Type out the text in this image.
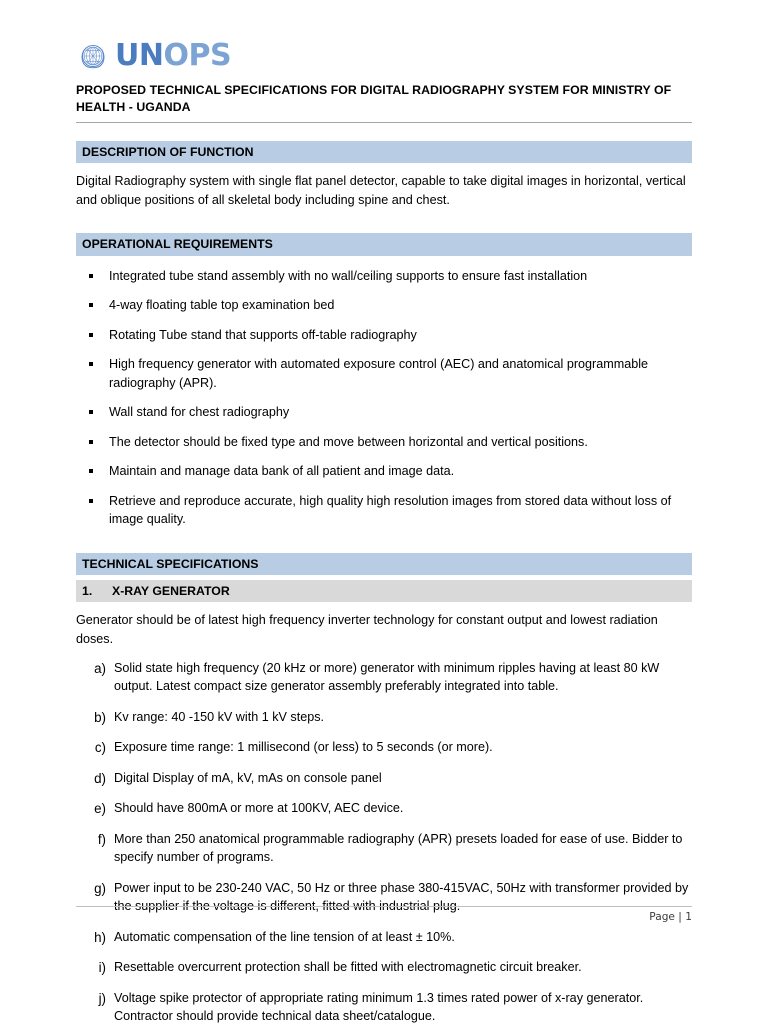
UN OPS
PROPOSED TECHNICAL SPECIFICATIONS FOR DIGITAL RADIOGRAPHY SYSTEM FOR MINISTRY OF HEALTH - UGANDA
DESCRIPTION OF FUNCTION

Digital Radiography system with single flat panel detector, capable to take digital images in horizontal, vertical and oblique positions of all skeletal body including spine and chest.

OPERATIONAL REQUIREMENTS
Integrated tube stand assembly with no wall/ceiling supports to ensure fast installation
4-way floating table top examination bed
Rotating Tube stand that supports off-table radiography
High frequency generator with automated exposure control (AEC) and anatomical programmable radiography (APR).
Wall stand for chest radiography
The detector should be fixed type and move between horizontal and vertical positions.
Maintain and manage data bank of all patient and image data.
Retrieve and reproduce accurate, high quality high resolution images from stored data without loss of image quality.
TECHNICAL SPECIFICATIONS
1. X-RAY GENERATOR

Generator should be of latest high frequency inverter technology for constant output and lowest radiation doses.

a) Solid state high frequency (20 kHz or more) generator with minimum ripples having at least 80 kW output. Latest compact size generator assembly preferably integrated into table.
b) Kv range: 40 -150 kV with 1 kV steps.
c) Exposure time range: 1 millisecond (or less) to 5 seconds (or more).
d) Digital Display of mA, kV, mAs on console panel
e) Should have 800mA or more at 100KV, AEC device.
f) More than 250 anatomical programmable radiography (APR) presets loaded for ease of use. Bidder to specify number of programs.
g) Power input to be 230-240 VAC, 50 Hz or three phase 380-415VAC, 50Hz with transformer provided by the supplier if the voltage is different, fitted with industrial plug.
h) Automatic compensation of the line tension of at least ± 10%.
i) Resettable overcurrent protection shall be fitted with electromagnetic circuit breaker.
j) Voltage spike protector of appropriate rating minimum 1.3 times rated power of x-ray generator. Contractor should provide technical data sheet/catalogue.
Page | 1
